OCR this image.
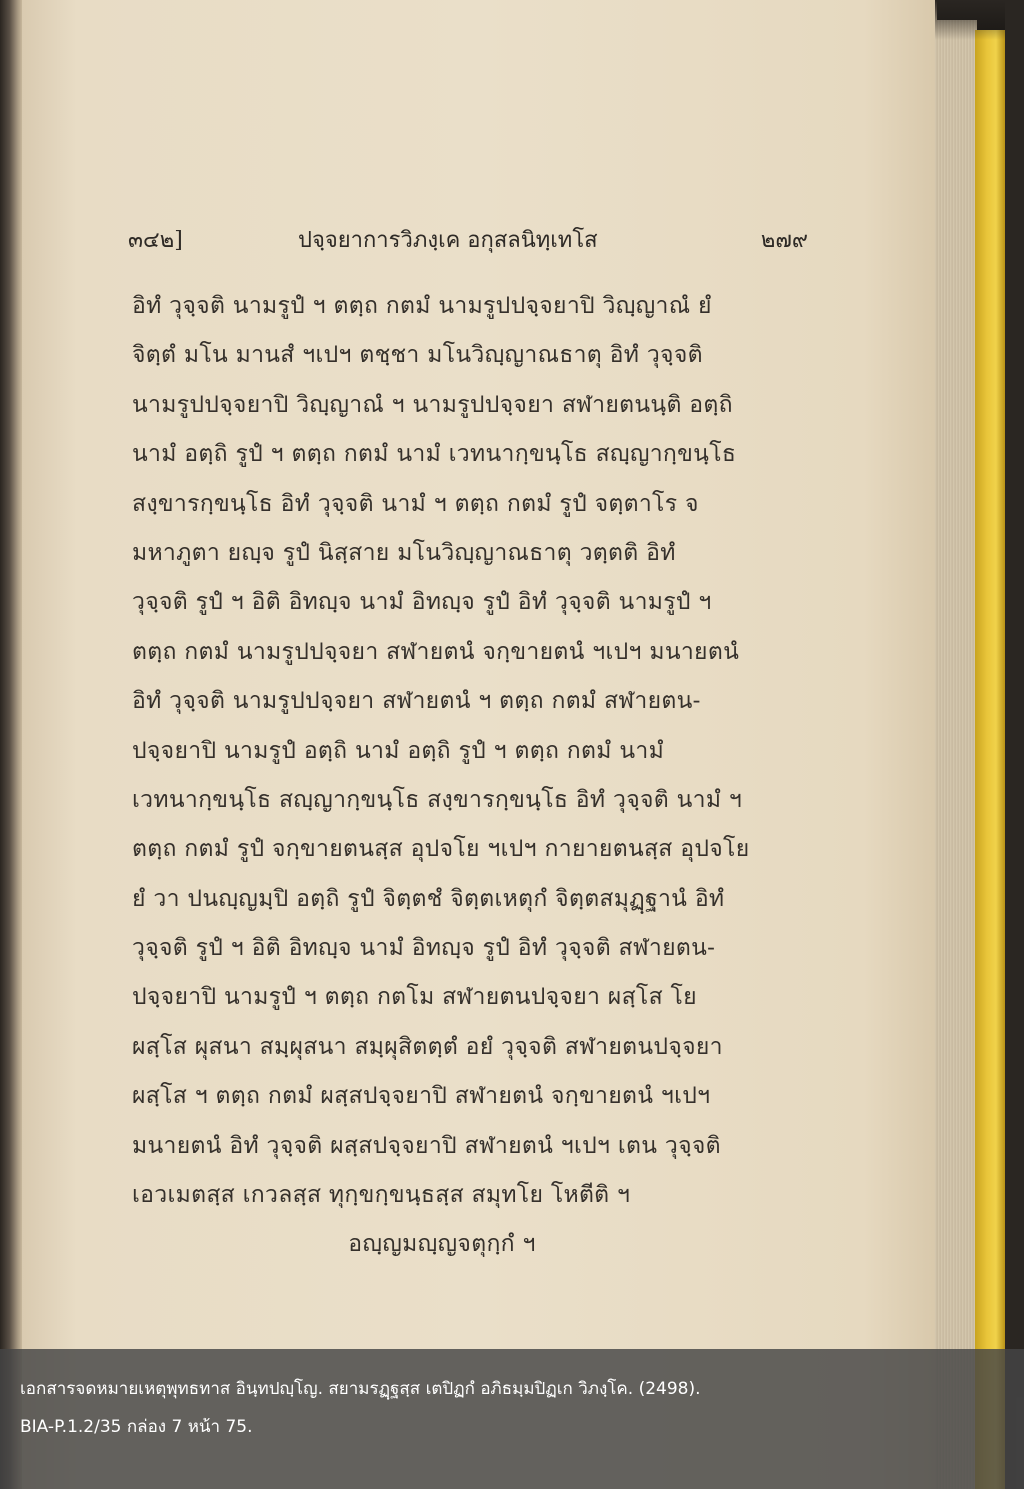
๓๔๒]	ปจฺจยาการวิภงฺเค อกุสลนิทฺเทโส	๒๗๙
อิทํ วุจฺจติ นามรูปํ ฯ ตตฺถ กตมํ นามรูปปจฺจยาปิ วิญฺญาณํ ยํ
จิตฺตํ มโน มานสํ ฯเปฯ ตชฺชา มโนวิญฺญาณธาตุ อิทํ วุจฺจติ
นามรูปปจฺจยาปิ วิญฺญาณํ ฯ นามรูปปจฺจยา สฬายตนนฺติ อตฺถิ
นามํ อตฺถิ รูปํ ฯ ตตฺถ กตมํ นามํ เวทนากฺขนฺโธ สญฺญากฺขนฺโธ
สงฺขารกฺขนฺโธ อิทํ วุจฺจติ นามํ ฯ ตตฺถ กตมํ รูปํ จตฺตาโร จ
มหาภูตา ยญฺจ รูปํ นิสฺสาย มโนวิญฺญาณธาตุ วตฺตติ อิทํ
วุจฺจติ รูปํ ฯ อิติ อิทญฺจ นามํ อิทญฺจ รูปํ อิทํ วุจฺจติ นามรูปํ ฯ
ตตฺถ กตมํ นามรูปปจฺจยา สฬายตนํ จกฺขายตนํ ฯเปฯ มนายตนํ
อิทํ วุจฺจติ นามรูปปจฺจยา สฬายตนํ ฯ ตตฺถ กตมํ สฬายตน-
ปจฺจยาปิ นามรูปํ อตฺถิ นามํ อตฺถิ รูปํ ฯ ตตฺถ กตมํ นามํ
เวทนากฺขนฺโธ สญฺญากฺขนฺโธ สงฺขารกฺขนฺโธ อิทํ วุจฺจติ นามํ ฯ
ตตฺถ กตมํ รูปํ จกฺขายตนสฺส อุปจโย ฯเปฯ กายายตนสฺส อุปจโย
ยํ วา ปนญฺญมฺปิ อตฺถิ รูปํ จิตฺตชํ จิตฺตเหตุกํ จิตฺตสมุฏฺฐานํ อิทํ
วุจฺจติ รูปํ ฯ อิติ อิทญฺจ นามํ อิทญฺจ รูปํ อิทํ วุจฺจติ สฬายตน-
ปจฺจยาปิ นามรูปํ ฯ ตตฺถ กตโม สฬายตนปจฺจยา ผสฺโส โย
ผสฺโส ผุสนา สมฺผุสนา สมฺผุสิตตฺตํ อยํ วุจฺจติ สฬายตนปจฺจยา
ผสฺโส ฯ ตตฺถ กตมํ ผสฺสปจฺจยาปิ สฬายตนํ จกฺขายตนํ ฯเปฯ
มนายตนํ อิทํ วุจฺจติ ผสฺสปจฺจยาปิ สฬายตนํ ฯเปฯ เตน วุจฺจติ
เอวเมตสฺส เกวลสฺส ทุกฺขกฺขนฺธสฺส สมุทโย โหตีติ ฯ
อญฺญมญฺญจตุกฺกํ ฯ
เอกสารจดหมายเหตุพุทธทาส อินฺทปญฺโญ. สยามรฏฺฐสฺส เตปิฏกํ อภิธมฺมปิฏเก วิภงฺโค. (2498).
BIA-P.1.2/35 กล่อง 7 หน้า 75.
